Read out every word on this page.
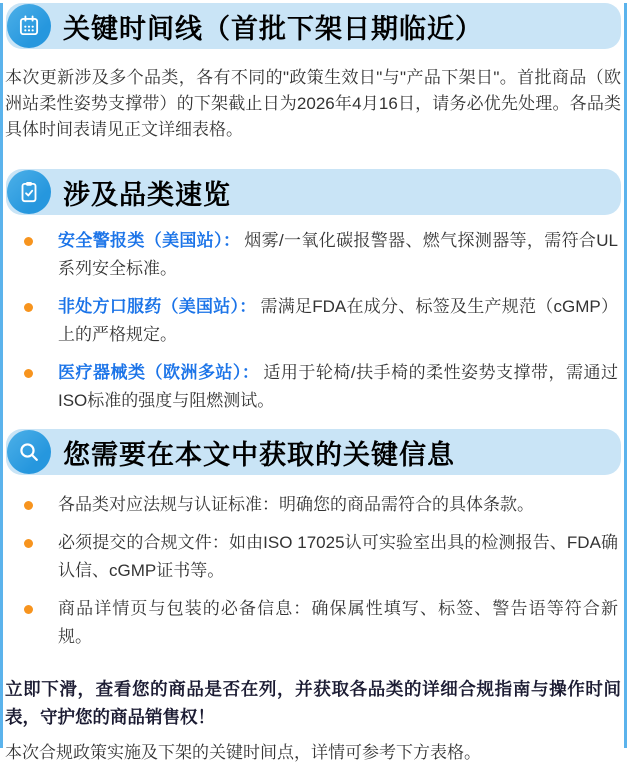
关键时间线（首批下架日期临近）

本次更新涉及多个品类，各有不同的"政策生效日"与"产品下架日"。首批商品（欧洲站柔性姿势支撑带）的下架截止日为2026年4月16日，请务必优先处理。各品类具体时间表请见正文详细表格。

涉及品类速览
安全警报类（美国站）： 烟雾/一氧化碳报警器、燃气探测器等，需符合UL系列安全标准。
非处方口服药（美国站）： 需满足FDA在成分、标签及生产规范（cGMP）上的严格规定。
医疗器械类（欧洲多站）： 适用于轮椅/扶手椅的柔性姿势支撑带，需通过ISO标准的强度与阻燃测试。
您需要在本文中获取的关键信息
各品类对应法规与认证标准：明确您的商品需符合的具体条款。
必须提交的合规文件：如由ISO 17025认可实验室出具的检测报告、FDA确认信、cGMP证书等。
商品详情页与包装的必备信息：确保属性填写、标签、警告语等符合新规。

立即下滑，查看您的商品是否在列，并获取各品类的详细合规指南与操作时间表，守护您的商品销售权！

本次合规政策实施及下架的关键时间点，详情可参考下方表格。
